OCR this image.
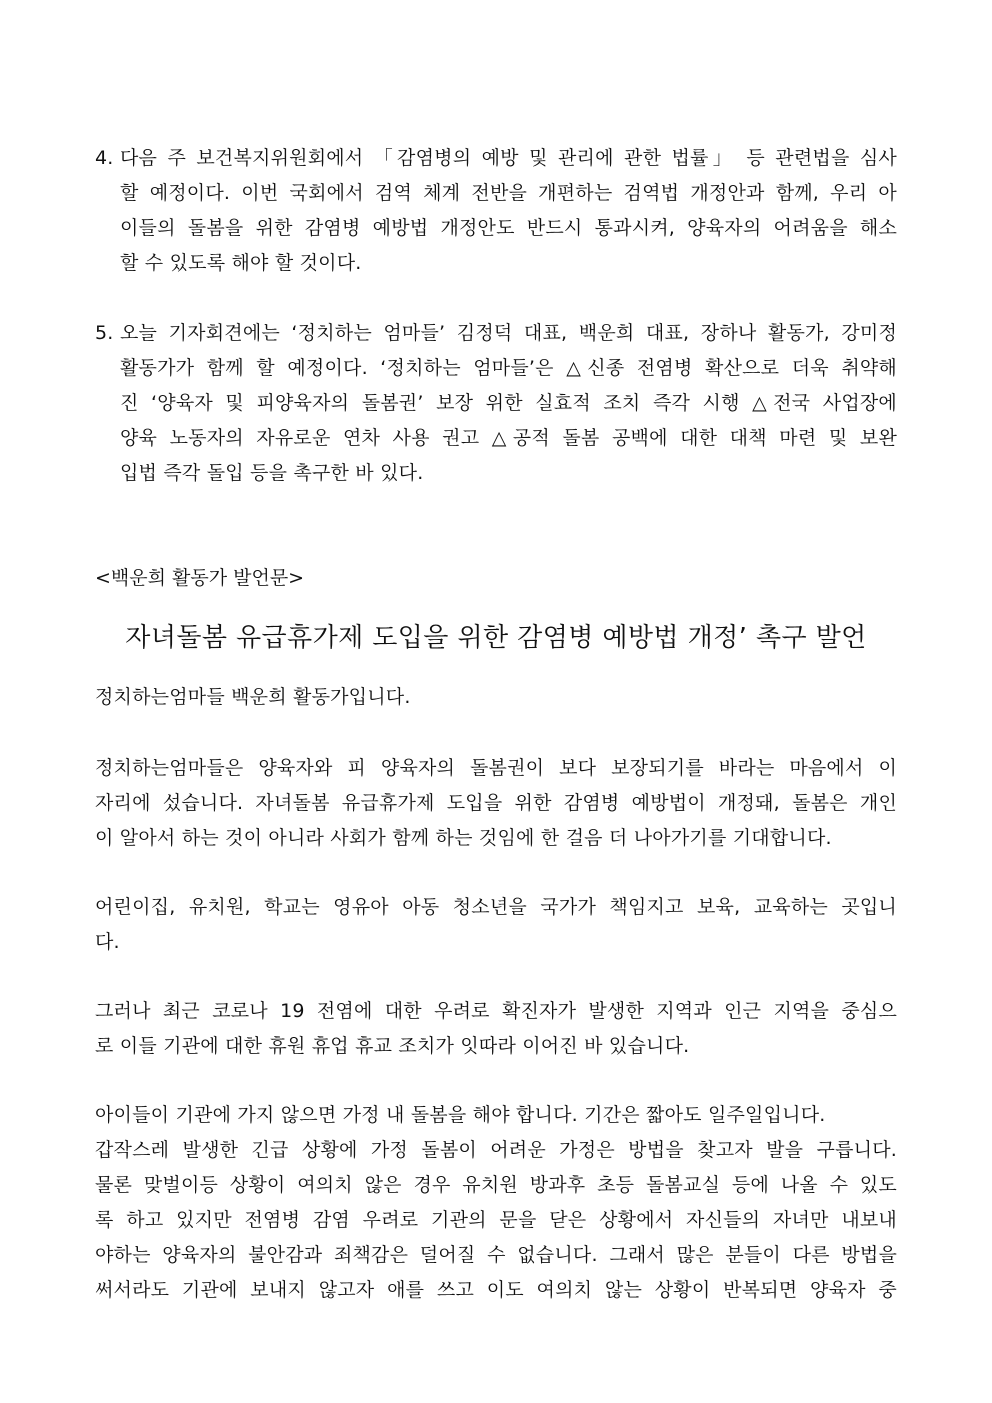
4. 다음 주 보건복지위원회에서 「감염병의 예방 및 관리에 관한 법률」 등 관련법을 심사
할 예정이다. 이번 국회에서 검역 체계 전반을 개편하는 검역법 개정안과 함께, 우리 아
이들의 돌봄을 위한 감염병 예방법 개정안도 반드시 통과시켜, 양육자의 어려움을 해소
할 수 있도록 해야 할 것이다.
5. 오늘 기자회견에는 ‘정치하는 엄마들’ 김정덕 대표, 백운희 대표, 장하나 활동가, 강미정
활동가가 함께 할 예정이다. ‘정치하는 엄마들’은 △신종 전염병 확산으로 더욱 취약해
진 ‘양육자 및 피양육자의 돌봄권’ 보장 위한 실효적 조치 즉각 시행 △전국 사업장에
양육 노동자의 자유로운 연차 사용 권고 △공적 돌봄 공백에 대한 대책 마련 및 보완
입법 즉각 돌입 등을 촉구한 바 있다.
<백운희 활동가 발언문>
자녀돌봄 유급휴가제 도입을 위한 감염병 예방법 개정’ 촉구 발언
정치하는엄마들 백운희 활동가입니다.
정치하는엄마들은 양육자와 피 양육자의 돌봄권이 보다 보장되기를 바라는 마음에서 이
자리에 섰습니다. 자녀돌봄 유급휴가제 도입을 위한 감염병 예방법이 개정돼, 돌봄은 개인
이 알아서 하는 것이 아니라 사회가 함께 하는 것임에 한 걸음 더 나아가기를 기대합니다.
어린이집, 유치원, 학교는 영유아 아동 청소년을 국가가 책임지고 보육, 교육하는 곳입니
다.
그러나 최근 코로나 19 전염에 대한 우려로 확진자가 발생한 지역과 인근 지역을 중심으
로 이들 기관에 대한 휴원 휴업 휴교 조치가 잇따라 이어진 바 있습니다.
아이들이 기관에 가지 않으면 가정 내 돌봄을 해야 합니다. 기간은 짧아도 일주일입니다.
갑작스레 발생한 긴급 상황에 가정 돌봄이 어려운 가정은 방법을 찾고자 발을 구릅니다.
물론 맞벌이등 상황이 여의치 않은 경우 유치원 방과후 초등 돌봄교실 등에 나올 수 있도
록 하고 있지만 전염병 감염 우려로 기관의 문을 닫은 상황에서 자신들의 자녀만 내보내
야하는 양육자의 불안감과 죄책감은 덜어질 수 없습니다. 그래서 많은 분들이 다른 방법을
써서라도 기관에 보내지 않고자 애를 쓰고 이도 여의치 않는 상황이 반복되면 양육자 중
